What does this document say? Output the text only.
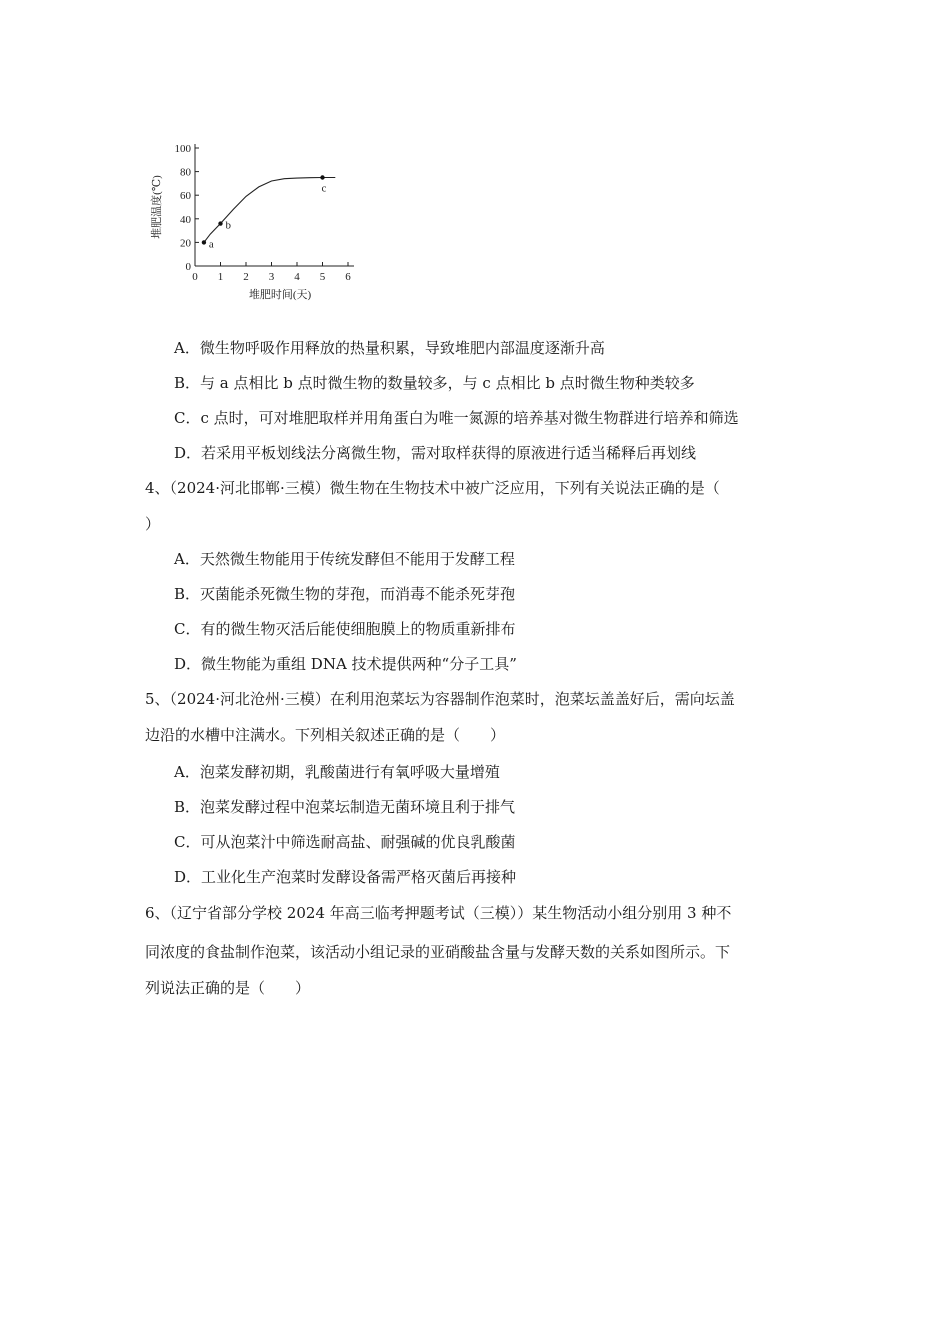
0
20
40
60
80
100
0 1 2 3 4 5 6
a
b
c
堆肥时间(天)
堆肥温度(℃)
A．微生物呼吸作用释放的热量积累，导致堆肥内部温度逐渐升高
B．与 a 点相比 b 点时微生物的数量较多，与 c 点相比 b 点时微生物种类较多
C．c 点时，可对堆肥取样并用角蛋白为唯一氮源的培养基对微生物群进行培养和筛选
D．若采用平板划线法分离微生物，需对取样获得的原液进行适当稀释后再划线
4、（2024·河北邯郸·三模）微生物在生物技术中被广泛应用，下列有关说法正确的是（
）
A．天然微生物能用于传统发酵但不能用于发酵工程
B．灭菌能杀死微生物的芽孢，而消毒不能杀死芽孢
C．有的微生物灭活后能使细胞膜上的物质重新排布
D．微生物能为重组 DNA 技术提供两种“分子工具”
5、（2024·河北沧州·三模）在利用泡菜坛为容器制作泡菜时，泡菜坛盖盖好后，需向坛盖
边沿的水槽中注满水。下列相关叙述正确的是（　　）
A．泡菜发酵初期，乳酸菌进行有氧呼吸大量增殖
B．泡菜发酵过程中泡菜坛制造无菌环境且利于排气
C．可从泡菜汁中筛选耐高盐、耐强碱的优良乳酸菌
D．工业化生产泡菜时发酵设备需严格灭菌后再接种
6、（辽宁省部分学校 2024 年高三临考押题考试（三模））某生物活动小组分别用 3 种不
同浓度的食盐制作泡菜，该活动小组记录的亚硝酸盐含量与发酵天数的关系如图所示。下
列说法正确的是（　　）
